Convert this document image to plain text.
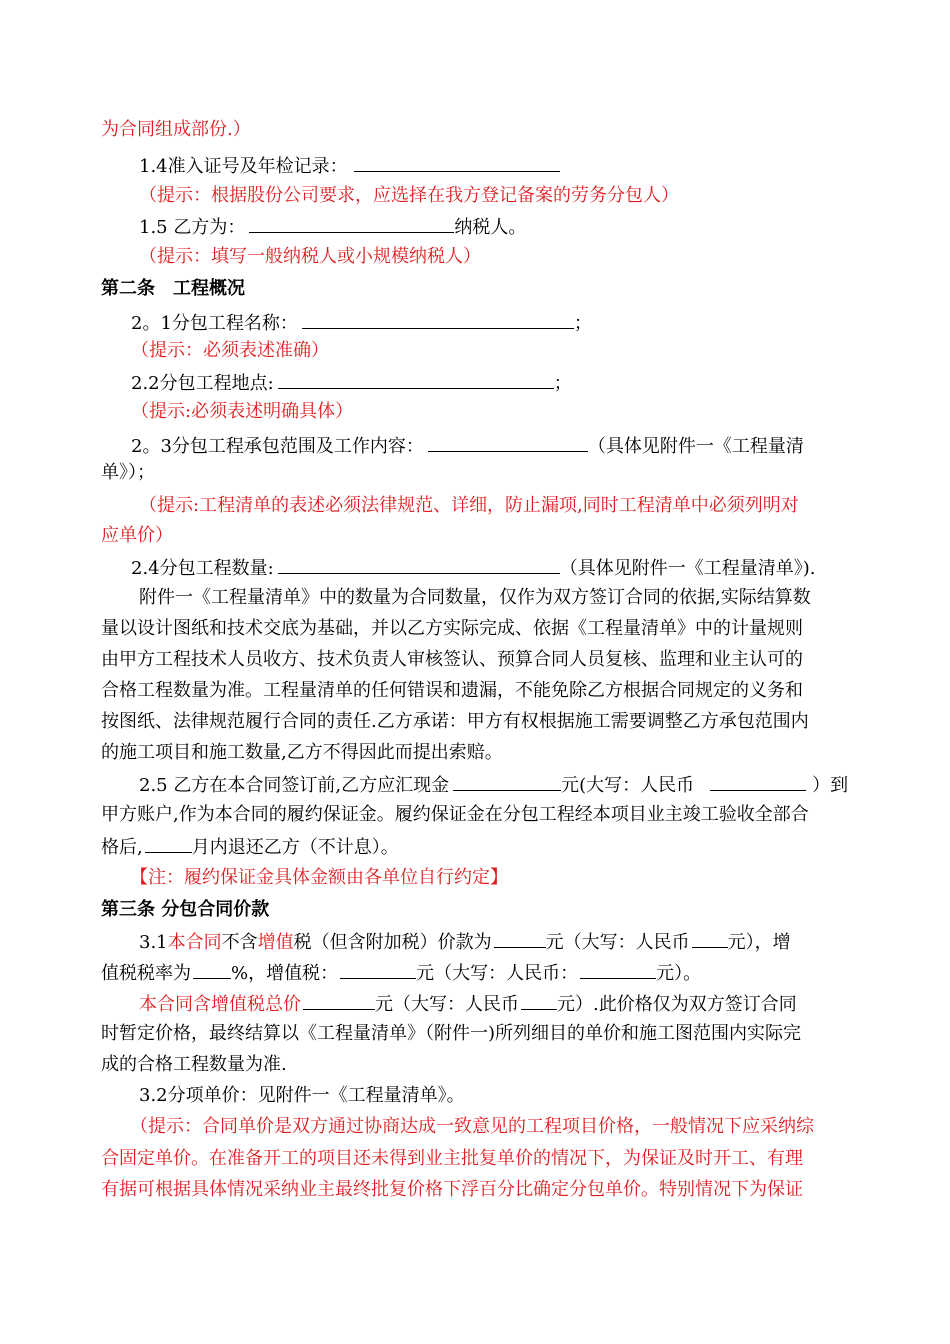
为合同组成部份.）
1.4准入证号及年检记录：
（提示：根据股份公司要求，应选择在我方登记备案的劳务分包人）
1.5 乙方为：	纳税人。
（提示：填写一般纳税人或小规模纳税人）
第二条　工程概况
2。1分包工程名称：	；
（提示：必须表述准确）
2.2分包工程地点:	；
（提示:必须表述明确具体）
2。3分包工程承包范围及工作内容：	（具体见附件一《工程量清
单》）；
（提示:工程清单的表述必须法律规范、详细，防止漏项,同时工程清单中必须列明对
应单价）
2.4分包工程数量:	（具体见附件一《工程量清单》).
附件一《工程量清单》中的数量为合同数量，仅作为双方签订合同的依据,实际结算数
量以设计图纸和技术交底为基础，并以乙方实际完成、依据《工程量清单》中的计量规则
由甲方工程技术人员收方、技术负责人审核签认、预算合同人员复核、监理和业主认可的
合格工程数量为准。工程量清单的任何错误和遗漏，不能免除乙方根据合同规定的义务和
按图纸、法律规范履行合同的责任.乙方承诺：甲方有权根据施工需要调整乙方承包范围内
的施工项目和施工数量,乙方不得因此而提出索赔。
2.5 乙方在本合同签订前,乙方应汇现金	元(大写：人民币	）到
甲方账户,作为本合同的履约保证金。履约保证金在分包工程经本项目业主竣工验收全部合
格后,	月内退还乙方（不计息）。
【注：履约保证金具体金额由各单位自行约定】
第三条 分包合同价款
3.1本合同不含增值税（但含附加税）价款为	元（大写：人民币 元），增
值税税率为 %，增值税：	元（大写：人民币：	元）。
本合同含增值税总价	元（大写：人民币 元）.此价格仅为双方签订合同
时暂定价格，最终结算以《工程量清单》（附件一)所列细目的单价和施工图范围内实际完
成的合格工程数量为准.
3.2分项单价：见附件一《工程量清单》。
（提示：合同单价是双方通过协商达成一致意见的工程项目价格，一般情况下应采纳综
合固定单价。在准备开工的项目还未得到业主批复单价的情况下，为保证及时开工、有理
有据可根据具体情况采纳业主最终批复价格下浮百分比确定分包单价。特别情况下为保证
